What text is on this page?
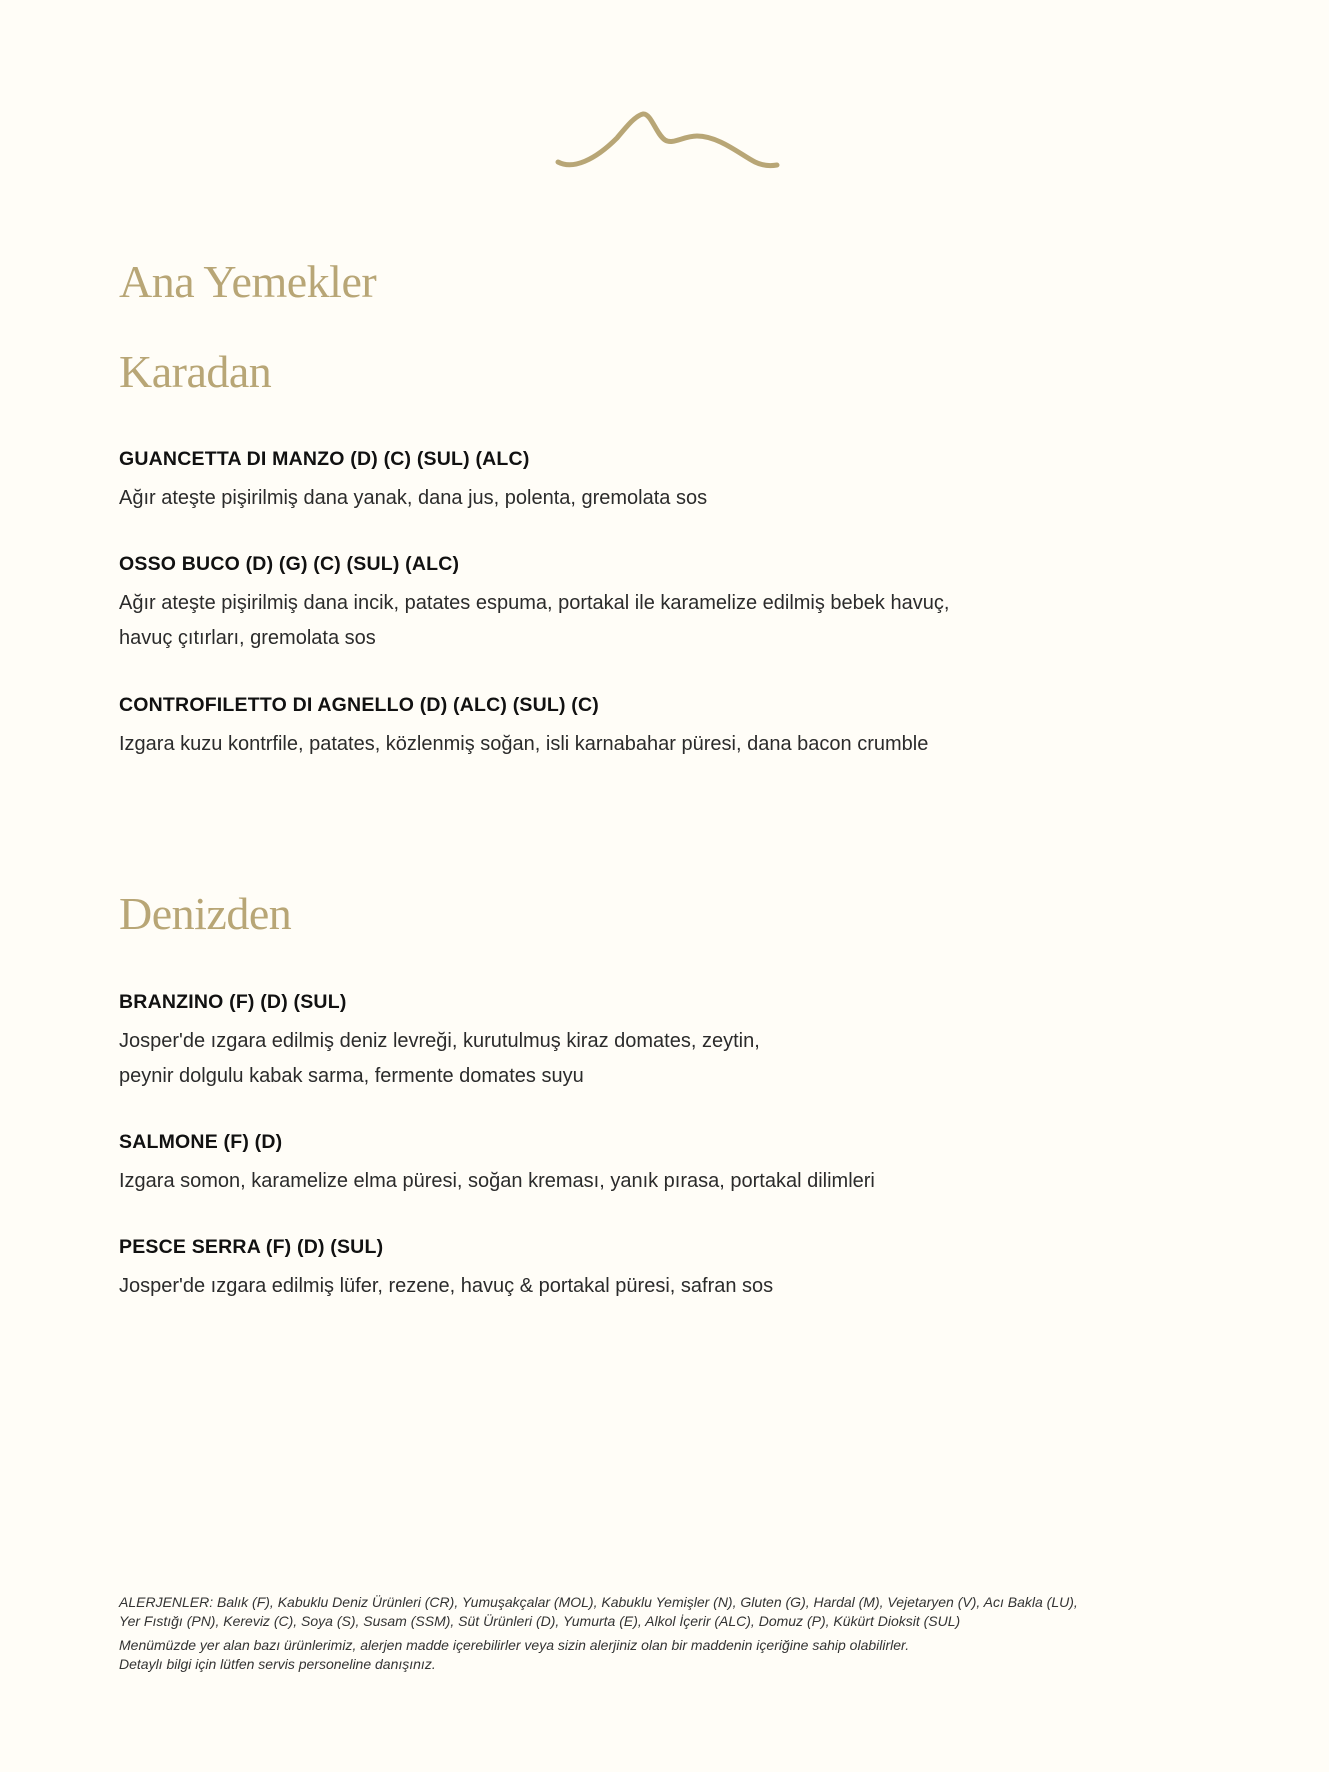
Ana Yemekler
Karadan
GUANCETTA DI MANZO (D) (C) (SUL) (ALC)
Ağır ateşte pişirilmiş dana yanak, dana jus, polenta, gremolata sos
OSSO BUCO (D) (G) (C) (SUL) (ALC)
Ağır ateşte pişirilmiş dana incik, patates espuma, portakal ile karamelize edilmiş bebek havuç,
havuç çıtırları, gremolata sos
CONTROFILETTO DI AGNELLO (D) (ALC) (SUL) (C)
Izgara kuzu kontrfile, patates, közlenmiş soğan, isli karnabahar püresi, dana bacon crumble
Denizden
BRANZINO (F) (D) (SUL)
Josper'de ızgara edilmiş deniz levreği, kurutulmuş kiraz domates, zeytin,
peynir dolgulu kabak sarma, fermente domates suyu
SALMONE (F) (D)
Izgara somon, karamelize elma püresi, soğan kreması, yanık pırasa, portakal dilimleri
PESCE SERRA (F) (D) (SUL)
Josper'de ızgara edilmiş lüfer, rezene, havuç & portakal püresi, safran sos
ALERJENLER: Balık (F), Kabuklu Deniz Ürünleri (CR), Yumuşakçalar (MOL), Kabuklu Yemişler (N), Gluten (G), Hardal (M), Vejetaryen (V), Acı Bakla (LU),
Yer Fıstığı (PN), Kereviz (C), Soya (S), Susam (SSM), Süt Ürünleri (D), Yumurta (E), Alkol İçerir (ALC), Domuz (P), Kükürt Dioksit (SUL)
Menümüzde yer alan bazı ürünlerimiz, alerjen madde içerebilirler veya sizin alerjiniz olan bir maddenin içeriğine sahip olabilirler.
Detaylı bilgi için lütfen servis personeline danışınız.
